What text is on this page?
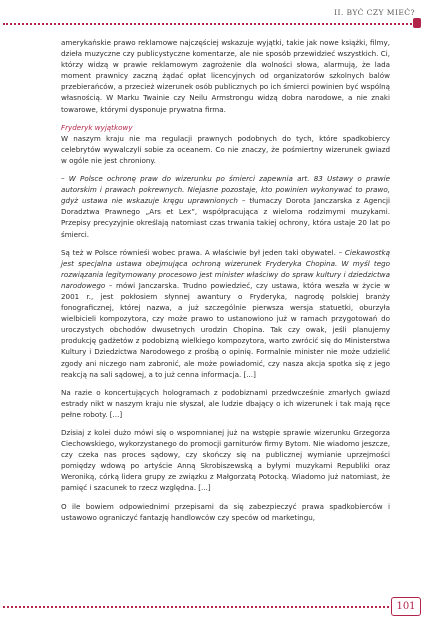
II. BYĆ CZY MIEĆ?

amerykańskie prawo reklamowe najczęściej wskazuje wyjątki, takie jak nowe książki, filmy, dzieła muzyczne czy publicystyczne komentarze, ale nie sposób przewidzieć wszystkich. Ci, którzy widzą w prawie reklamowym zagrożenie dla wolności słowa, alarmują, że lada moment prawnicy zaczną żądać opłat licencyjnych od organizatorów szkolnych balów przebierańców, a przecież wizerunek osób publicznych po ich śmierci powinien być wspólną własnością. W Marku Twainie czy Neilu Armstrongu widzą dobra narodowe, a nie znaki towarowe, którymi dysponuje prywatna firma.

Fryderyk wyjątkowy

W naszym kraju nie ma regulacji prawnych podobnych do tych, które spadkobiercy celebrytów wywalczyli sobie za oceanem. Co nie znaczy, że pośmiertny wizerunek gwiazd w ogóle nie jest chroniony.

– W Polsce ochronę praw do wizerunku po śmierci zapewnia art. 83 Ustawy o prawie autorskim i prawach pokrewnych. Niejasne pozostaje, kto powinien wykonywać to prawo, gdyż ustawa nie wskazuje kręgu uprawnionych – tłumaczy Dorota Janczarska z Agencji Doradztwa Prawnego „Ars et Lex”, współpracująca z wieloma rodzimymi muzykami. Przepisy precyzyjnie określają natomiast czas trwania takiej ochrony, która ustaje 20 lat po śmierci.

Są też w Polsce równieśi wobec prawa. A właściwie był jeden taki obywatel. – Ciekawostką jest specjalna ustawa obejmująca ochroną wizerunek Fryderyka Chopina. W myśl tego rozwiązania legitymowany procesowo jest minister właściwy do spraw kultury i dziedzictwa narodowego – mówi Janczarska. Trudno powiedzieć, czy ustawa, która weszła w życie w 2001 r., jest pokłosiem słynnej awantury o Fryderyka, nagrodę polskiej branży fonograficznej, której nazwa, a już szczególnie pierwsza wersja statuetki, oburzyła wielbicieli kompozytora, czy może prawo to ustanowiono już w ramach przygotowań do uroczystych obchodów dwusetnych urodzin Chopina. Tak czy owak, jeśli planujemy produkcję gadżetów z podobizną wielkiego kompozytora, warto zwrócić się do Ministerstwa Kultury i Dziedzictwa Narodowego z prośbą o opinię. Formalnie minister nie może udzielić zgody ani niczego nam zabronić, ale może powiadomić, czy nasza akcja spotka się z jego reakcją na sali sądowej, a to już cenna informacja. [...]

Na razie o koncertujących hologramach z podobiznami przedwcześnie zmarłych gwiazd estrady nikt w naszym kraju nie słyszał, ale ludzie dbający o ich wizerunek i tak mają ręce pełne roboty. [...]

Dzisiaj z kolei dużo mówi się o wspomnianej już na wstępie sprawie wizerunku Grzegorza Ciechowskiego, wykorzystanego do promocji garniturów firmy Bytom. Nie wiadomo jeszcze, czy czeka nas proces sądowy, czy skończy się na publicznej wymianie uprzejmości pomiędzy wdową po artyście Anną Skrobiszewską a byłymi muzykami Republiki oraz Weroniką, córką lidera grupy ze związku z Małgorzatą Potocką. Wiadomo już natomiast, że pamięć i szacunek to rzecz względna. [...]

O ile bowiem odpowiednimi przepisami da się zabezpieczyć prawa spadkobierców i ustawowo ograniczyć fantazję handlowców czy speców od marketingu,

101
